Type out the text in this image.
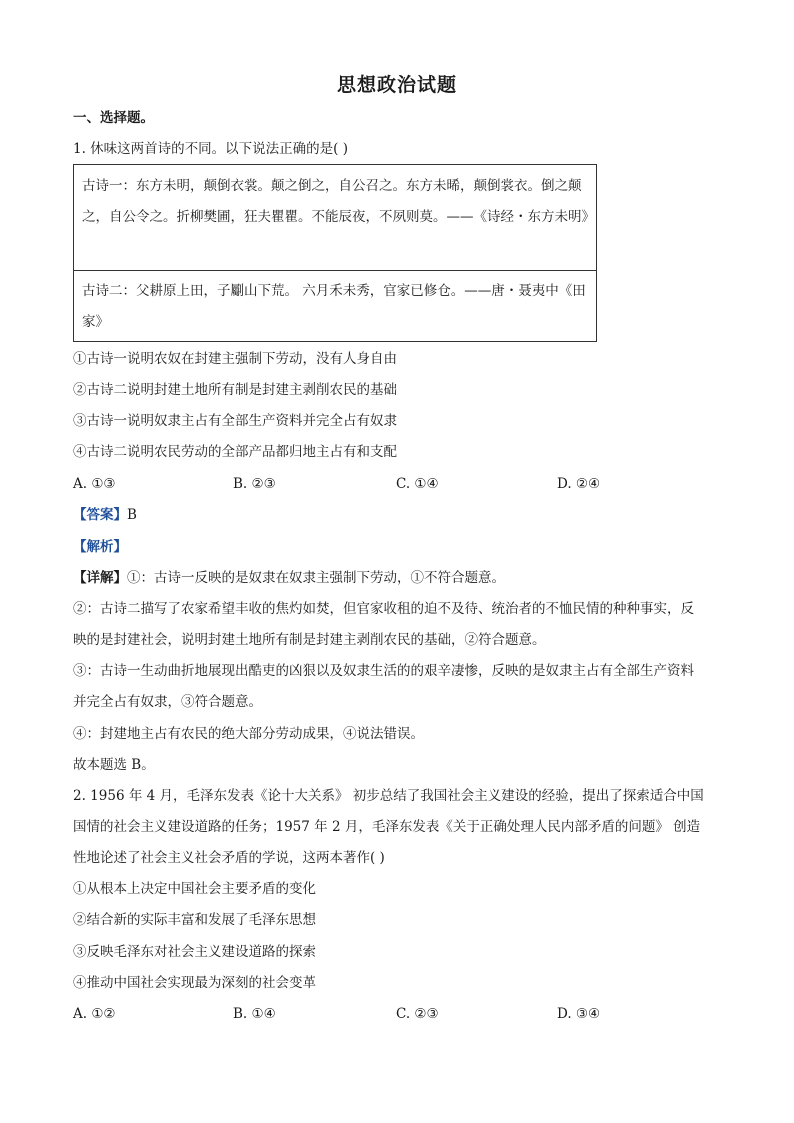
思想政治试题
一、选择题。
1. 休味这两首诗的不同。以下说法正确的是( )
古诗一：东方未明，颠倒衣裳。颠之倒之，自公召之。东方未晞，颠倒裳衣。倒之颠之，自公令之。折柳樊圃，狂夫瞿瞿。不能辰夜，不夙则莫。——《诗经・东方未明》
古诗二：父耕原上田，子劚山下荒。 六月禾未秀，官家已修仓。——唐・聂夷中《田家》
①古诗一说明农奴在封建主强制下劳动，没有人身自由
②古诗二说明封建土地所有制是封建主剥削农民的基础
③古诗一说明奴隶主占有全部生产资料并完全占有奴隶
④古诗二说明农民劳动的全部产品都归地主占有和支配
A. ①③	B. ②③	C. ①④	D. ②④
【答案】B
【解析】
【详解】①：古诗一反映的是奴隶在奴隶主强制下劳动，①不符合题意。
②：古诗二描写了农家希望丰收的焦灼如焚，但官家收租的迫不及待、统治者的不恤民情的种种事实，反
映的是封建社会，说明封建土地所有制是封建主剥削农民的基础，②符合题意。
③：古诗一生动曲折地展现出酷吏的凶狠以及奴隶生活的的艰辛凄惨，反映的是奴隶主占有全部生产资料
并完全占有奴隶，③符合题意。
④：封建地主占有农民的绝大部分劳动成果，④说法错误。
故本题选 B。
2. 1956 年 4 月，毛泽东发表《论十大关系》 初步总结了我国社会主义建设的经验，提出了探索适合中国
国情的社会主义建设道路的任务；1957 年 2 月，毛泽东发表《关于正确处理人民内部矛盾的问题》 创造
性地论述了社会主义社会矛盾的学说，这两本著作( )
①从根本上决定中国社会主要矛盾的变化
②结合新的实际丰富和发展了毛泽东思想
③反映毛泽东对社会主义建设道路的探索
④推动中国社会实现最为深刻的社会变革
A. ①②	B. ①④	C. ②③	D. ③④
